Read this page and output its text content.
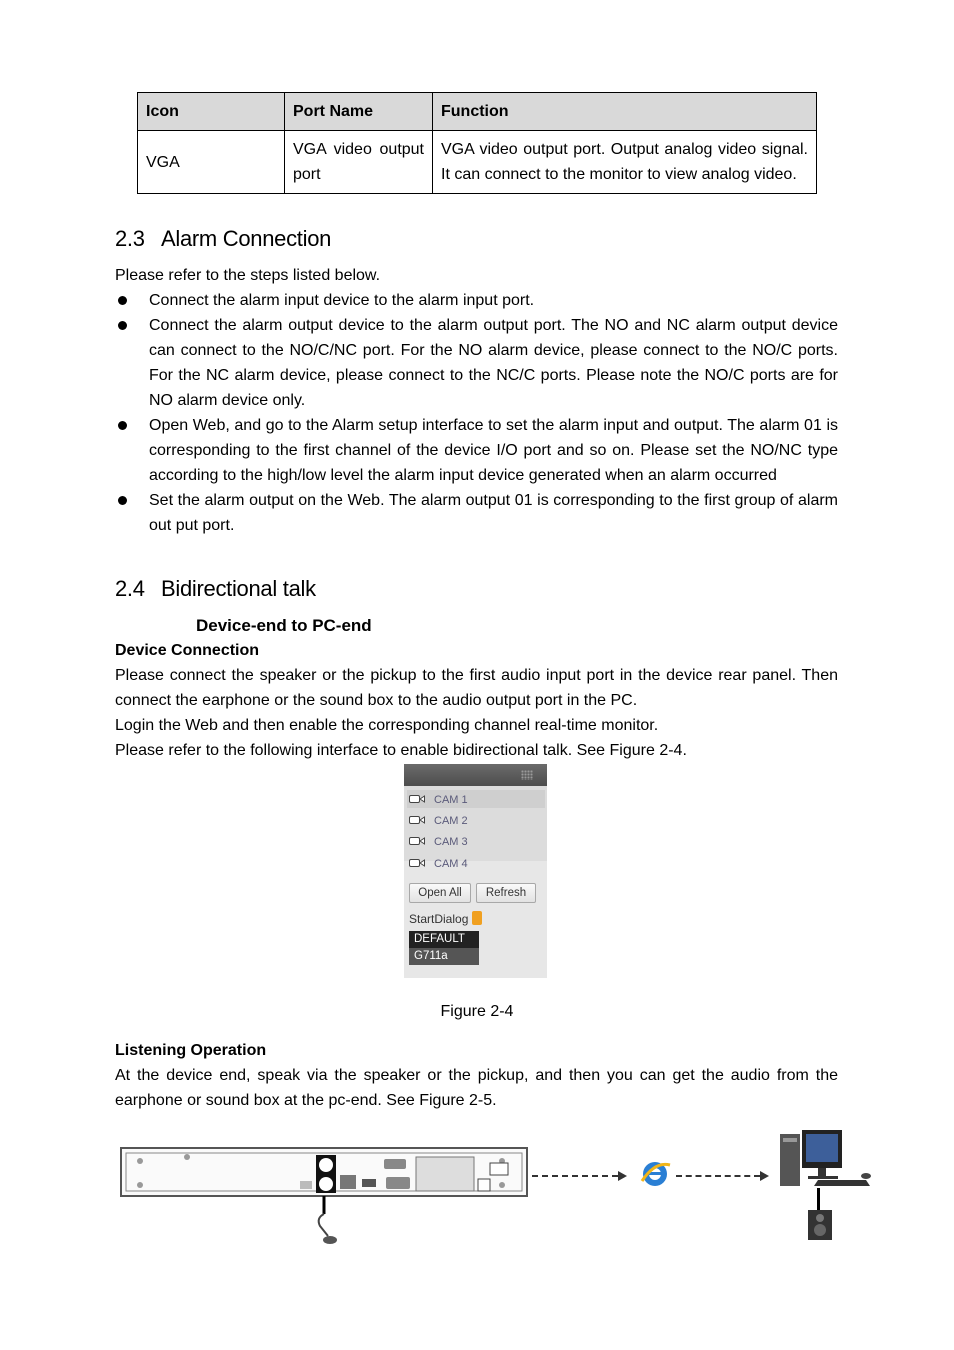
Icon	Port Name	Function
VGA	VGA video output port	VGA video output port. Output analog video signal. It can connect to the monitor to view analog video.
2.3 Alarm Connection

Please refer to the steps listed below.

Connect the alarm input device to the alarm input port.
Connect the alarm output device to the alarm output port. The NO and NC alarm output device can connect to the NO/C/NC port. For the NO alarm device, please connect to the NO/C ports. For the NC alarm device, please connect to the NC/C ports. Please note the NO/C ports are for NO alarm device only.
Open Web, and go to the Alarm setup interface to set the alarm input and output. The alarm 01 is corresponding to the first channel of the device I/O port and so on. Please set the NO/NC type according to the high/low level the alarm input device generated when an alarm occurred
Set the alarm output on the Web. The alarm output 01 is corresponding to the first group of alarm out put port.
2.4 Bidirectional talk

Device-end to PC-end

Device Connection

Please connect the speaker or the pickup to the first audio input port in the device rear panel. Then connect the earphone or the sound box to the audio output port in the PC.

Login the Web and then enable the corresponding channel real-time monitor.

Please refer to the following interface to enable bidirectional talk. See Figure 2-4.

CAM 1
CAM 2
CAM 3
CAM 4
Open All	Refresh
StartDialog
DEFAULT
G711a
Figure 2-4

Listening Operation

At the device end, speak via the speaker or the pickup, and then you can get the audio from the earphone or sound box at the pc-end. See Figure 2-5.
